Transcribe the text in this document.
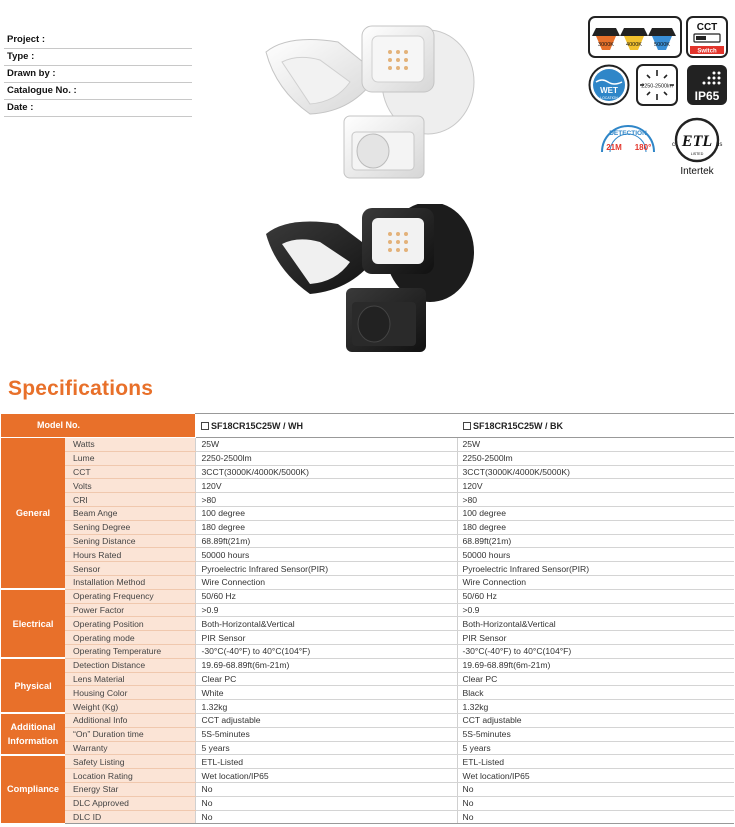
Project :
Type :
Drawn by :
Catalogue No. :
Date :
3000K 4000K 5000K
CCT
Switch
WET
LOCATION
2250-2500lm
IP65
DETECTION
21M 180° ETL
c	us
LISTED
Intertek
Specifications
Model No.		SF18CR15C25W / WH	SF18CR15C25W / BK
General	Watts	25W	25W
	Lume	2250-2500lm	2250-2500lm
	CCT	3CCT(3000K/4000K/5000K)	3CCT(3000K/4000K/5000K)
	Volts	120V	120V
	CRI	>80	>80
	Beam Ange	100 degree	100 degree
	Sening Degree	180 degree	180 degree
	Sening Distance	68.89ft(21m)	68.89ft(21m)
	Hours Rated	50000 hours	50000 hours
	Sensor	Pyroelectric Infrared Sensor(PIR)	Pyroelectric Infrared Sensor(PIR)
	Installation Method	Wire Connection	Wire Connection
Electrical	Operating Frequency	50/60 Hz	50/60 Hz
	Power Factor	>0.9	>0.9
	Operating Position	Both-Horizontal&Vertical	Both-Horizontal&Vertical
	Operating mode	PIR Sensor	PIR Sensor
	Operating Temperature	-30°C(-40°F) to 40°C(104°F)	-30°C(-40°F) to 40°C(104°F)
Physical	Detection Distance	19.69-68.89ft(6m-21m)	19.69-68.89ft(6m-21m)
	Lens Material	Clear PC	Clear PC
	Housing Color	White	Black
	Weight (Kg)	1.32kg	1.32kg
Additional Information	Additional Info	CCT adjustable	CCT adjustable
	“On” Duration time	5S-5minutes	5S-5minutes
	Warranty	5 years	5 years
Compliance	Safety Listing	ETL-Listed	ETL-Listed
	Location Rating	Wet location/IP65	Wet location/IP65
	Energy Star	No	No
	DLC Approved	No	No
	DLC ID	No	No
